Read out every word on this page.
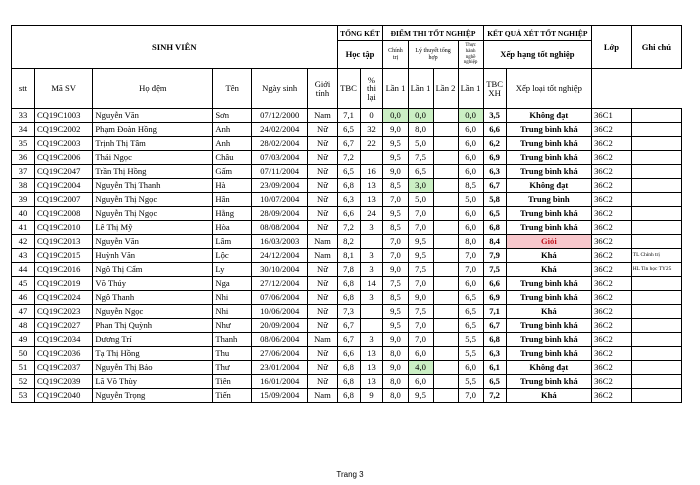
SINH VIÊN						TỔNG KẾT		ĐIỂM THI TỐT NGHIỆP				KẾT QUẢ XÉT TỐT NGHIỆP		Lớp	Ghi chú
						Học tập		Chính trị	Lý thuyết tổng hợp		Thực hành nghề nghiệp	Xếp hạng tốt nghiệp			

stt	Mã SV	Họ đệm	Tên	Ngày sinh	Giới tính	TBC	% thi lại	Lần 1	Lần 1	Lần 2	Lần 1	TBC XH	Xếp loại tốt nghiệp		
33	CQ19C1003	Nguyễn Văn	Sơn	07/12/2000	Nam	7,1	0	0,0	0,0		0,0	3,5	Không đạt	36C1	
34	CQ19C2002	Phạm Đoàn Hồng	Anh	24/02/2004	Nữ	6,5	32	9,0	8,0		6,0	6,6	Trung bình khá	36C2	
35	CQ19C2003	Trịnh Thị Tâm	Anh	28/02/2004	Nữ	6,7	22	9,5	5,0		6,0	6,2	Trung bình khá	36C2	
36	CQ19C2006	Thái Ngọc	Châu	07/03/2004	Nữ	7,2		9,5	7,5		6,0	6,9	Trung bình khá	36C2	
37	CQ19C2047	Trần Thị Hồng	Gấm	07/11/2004	Nữ	6,5	16	9,0	6,5		6,0	6,3	Trung bình khá	36C2	
38	CQ19C2004	Nguyễn Thị Thanh	Hà	23/09/2004	Nữ	6,8	13	8,5	3,0		8,5	6,7	Không đạt	36C2	
39	CQ19C2007	Nguyễn Thị Ngọc	Hân	10/07/2004	Nữ	6,3	13	7,0	5,0		5,0	5,8	Trung bình	36C2	
40	CQ19C2008	Nguyễn Thị Ngọc	Hằng	28/09/2004	Nữ	6,6	24	9,5	7,0		6,0	6,5	Trung bình khá	36C2	
41	CQ19C2010	Lê Thị Mỹ	Hòa	08/08/2004	Nữ	7,2	3	8,5	7,0		6,0	6,8	Trung bình khá	36C2	
42	CQ19C2013	Nguyễn Văn	Lâm	16/03/2003	Nam	8,2		7,0	9,5		8,0	8,4	Giỏi	36C2	
43	CQ19C2015	Huỳnh Văn	Lộc	24/12/2004	Nam	8,1	3	7,0	9,5		7,0	7,9	Khá	36C2	TL Chính trị
44	CQ19C2016	Ngô Thị Cẩm	Ly	30/10/2004	Nữ	7,8	3	9,0	7,5		7,0	7,5	Khá	36C2	HL Tin học TY25
45	CQ19C2019	Võ Thúy	Nga	27/12/2004	Nữ	6,8	14	7,5	7,0		6,0	6,6	Trung bình khá	36C2	
46	CQ19C2024	Ngô Thanh	Nhi	07/06/2004	Nữ	6,8	3	8,5	9,0		6,5	6,9	Trung bình khá	36C2	
47	CQ19C2023	Nguyễn Ngọc	Nhi	10/06/2004	Nữ	7,3		9,5	7,5		6,5	7,1	Khá	36C2	
48	CQ19C2027	Phan Thị Quỳnh	Như	20/09/2004	Nữ	6,7		9,5	7,0		6,5	6,7	Trung bình khá	36C2	
49	CQ19C2034	Dương Trí	Thanh	08/06/2004	Nam	6,7	3	9,0	7,0		5,5	6,8	Trung bình khá	36C2	
50	CQ19C2036	Tạ Thị Hồng	Thu	27/06/2004	Nữ	6,6	13	8,0	6,0		5,5	6,3	Trung bình khá	36C2	
51	CQ19C2037	Nguyễn Thị Bảo	Thư	23/01/2004	Nữ	6,8	13	9,0	4,0		6,0	6,1	Không đạt	36C2	
52	CQ19C2039	Lã Võ Thùy	Tiên	16/01/2004	Nữ	6,8	13	8,0	6,0		5,5	6,5	Trung bình khá	36C2	
53	CQ19C2040	Nguyễn Trọng	Tiến	15/09/2004	Nam	6,8	9	8,0	9,5		7,0	7,2	Khá	36C2	
Trang 3
